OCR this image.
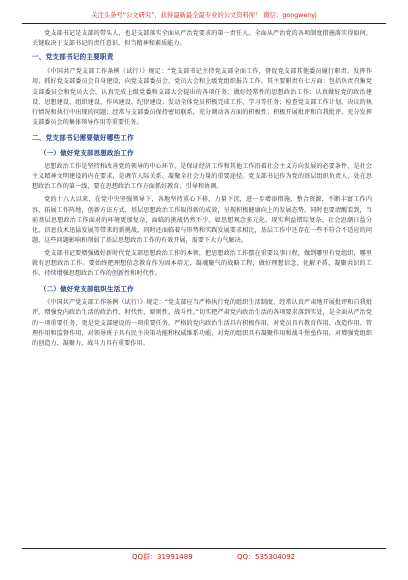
关注头条号“公文研究”，获得最新最全最专业的公文资料库！ 微信：gongwenyj

党支部书记是支部的带头人，也是支部落实全面从严治党要求的第一责任人。全面从严治党的各项制度措施落实得如何，关键取决于支部书记的责任意识、担当精神和素质能力。

一、党支部书记的主要职责

《中国共产党支部工作条例（试行）》规定：“党支部书记主持党支部全面工作，督促党支部其他委员履行职责、发挥作用，抓好党支部委员会自身建设，向党支部委员会、党员大会和上级党组织报告工作。其主要职责有七方面：包括负责召集党支部委员会和党员大会，认真完成上级党委和支部大会提出的各项任务；做好经常性的思想政治工作；认真做好党的政治建设、思想建设、组织建设、作风建设、纪律建设；发动全体党员积极完成工作、学习等任务；检查党支部工作计划、决议的执行情况和执行中出现的问题；经常与支部委员保持密切联系，充分调动各方面的积极性；积极开展批评和自我批评，充分发挥支部委员会的集体领导作用等重要任务。

二、党支部书记需要做好哪些工作
（一）做好党支部思想政治工作

思想政治工作是坚持和改善党的领导的中心环节，是保证经济工作和其他工作沿着社会主义方向发展的必要条件，是社会主义精神文明建设的内在要求，是调节人际关系、凝聚全社会力量的重要途径。党支部书记作为党的基层组织负责人，处在思想政治工作的第一线，要在思想政治工作方面抓好教育、引导和协调。

党的十八大以来，在党中央坚强领导下，各地坚持重心下移，力量下沉，进一步增添措施、整合资源，不断丰富工作内容，拓展工作阵地，创新方法方式，基层思想政治工作取得新的成效，呈现积极健康向上的发展态势。同时也要清醒看到，当前基层思想政治工作面对的环境更加复杂，面临的挑战仍然不少。如思想观念多元化、现实利益错综复杂、社会思潮日益分化、信息技术迅猛发展等带来的新挑战，同时还面临着与形势和实践发展要求相比，基层工作中还存在一些不符合不适应的问题，这些问题影响和削弱了基层思想政治工作的有效开展，需要下大力气解决。

党支部书记要增强做好新时代党支部思想政治工作的本领，把思想政治工作摆在重要议事日程，做到哪里有党组织，哪里就有思想政治工作。要始终把理想信念教育作为固本培元、凝魂聚气的战略工程，做好理想信念、化解矛盾、凝聚共识的工作，持续增强思想政治工作的创新性和时代性。

（二）做好党支部组织生活工作

《中国共产党支部工作条例（试行）》规定：“党支部应当严格执行党的组织生活制度，经常认真严肃地开展批评和自我批评，增强党内政治生活的政治性、时代性、原则性、战斗性。”切实把严肃党内政治生活的各项要求落到实处，是全面从严治党的一项重要任务，更是党支部建设的一项重要任务。严格的党内政治生活具有积极作用，对党员具有教育作用、改造作用、管理作用和监督作用，对领导班子具有民主决策功能和权威维系功能，对党的组织具有凝聚作用和战斗堡垒作用，对增强党组织的创造力、凝聚力、战斗力具有重要作用。

QQ群：31991489	QQ：535304092
